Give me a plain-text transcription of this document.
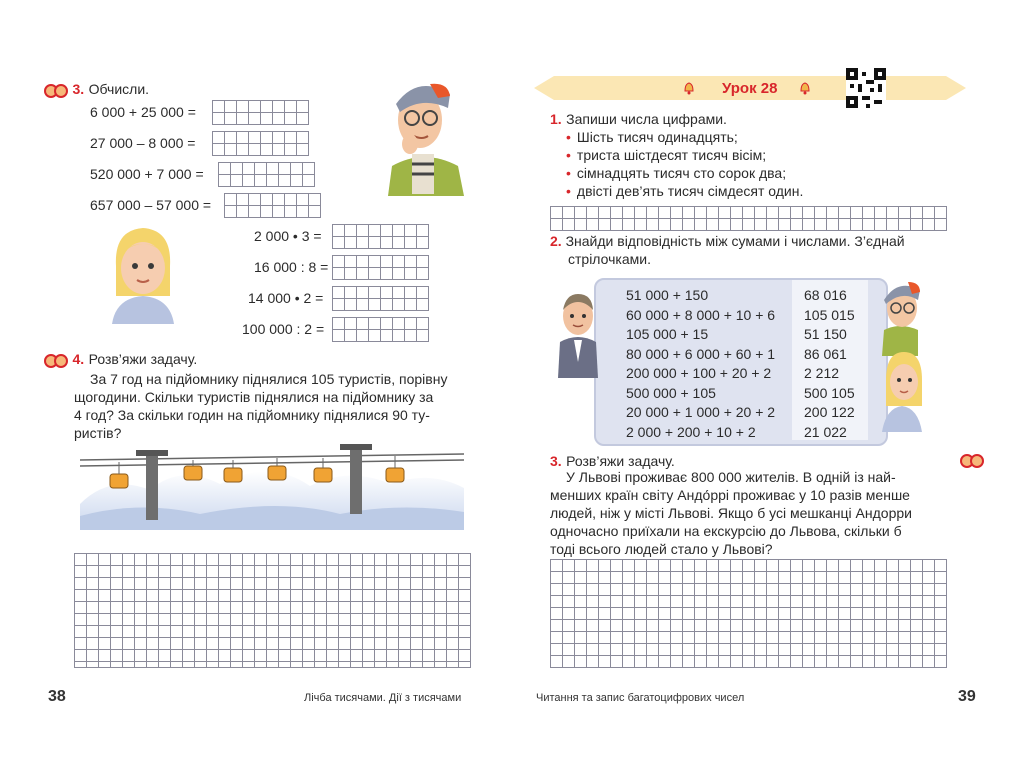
3. Обчисли.
6 000 + 25 000 =
27 000 – 8 000 =
520 000 + 7 000 =
657 000 – 57 000 =
2 000 • 3 =
16 000 : 8 =
14 000 • 2 =
100 000 : 2 =
4. Розв’яжи задачу.
За 7 год на підйомнику піднялися 105 туристів, порівну
щогодини. Скільки туристів піднялися на підйомнику за
4 год? За скільки годин на підйомнику піднялися 90 ту-
ристів?
38	Лічба тисячами. Дії з тисячами
Урок 28
1. Запиши числа цифрами.
• Шість тисяч одинадцять;
• триста шістдесят тисяч вісім;
• сімнадцять тисяч сто сорок два;
• двісті дев’ять тисяч сімдесят один.
2. Знайди відповідність між сумами і числами. З’єднай
стрілочками.
51 000 + 150
60 000 + 8 000 + 10 + 6
105 000 + 15
80 000 + 6 000 + 60 + 1
200 000 + 100 + 20 + 2
500 000 + 105
20 000 + 1 000 + 20 + 2
2 000 + 200 + 10 + 2
68 016
105 015
51 150
86 061
2 212
500 105
200 122
21 022
3. Розв’яжи задачу.
У Львові проживає 800 000 жителів. В одній із най-
менших країн світу Андо́ррі проживає у 10 разів менше
людей, ніж у місті Львові. Якщо б усі мешканці Андорри
одночасно приїхали на екскурсію до Львова, скільки б
тоді всього людей стало у Львові?
Читання та запис багатоцифрових чисел	39
